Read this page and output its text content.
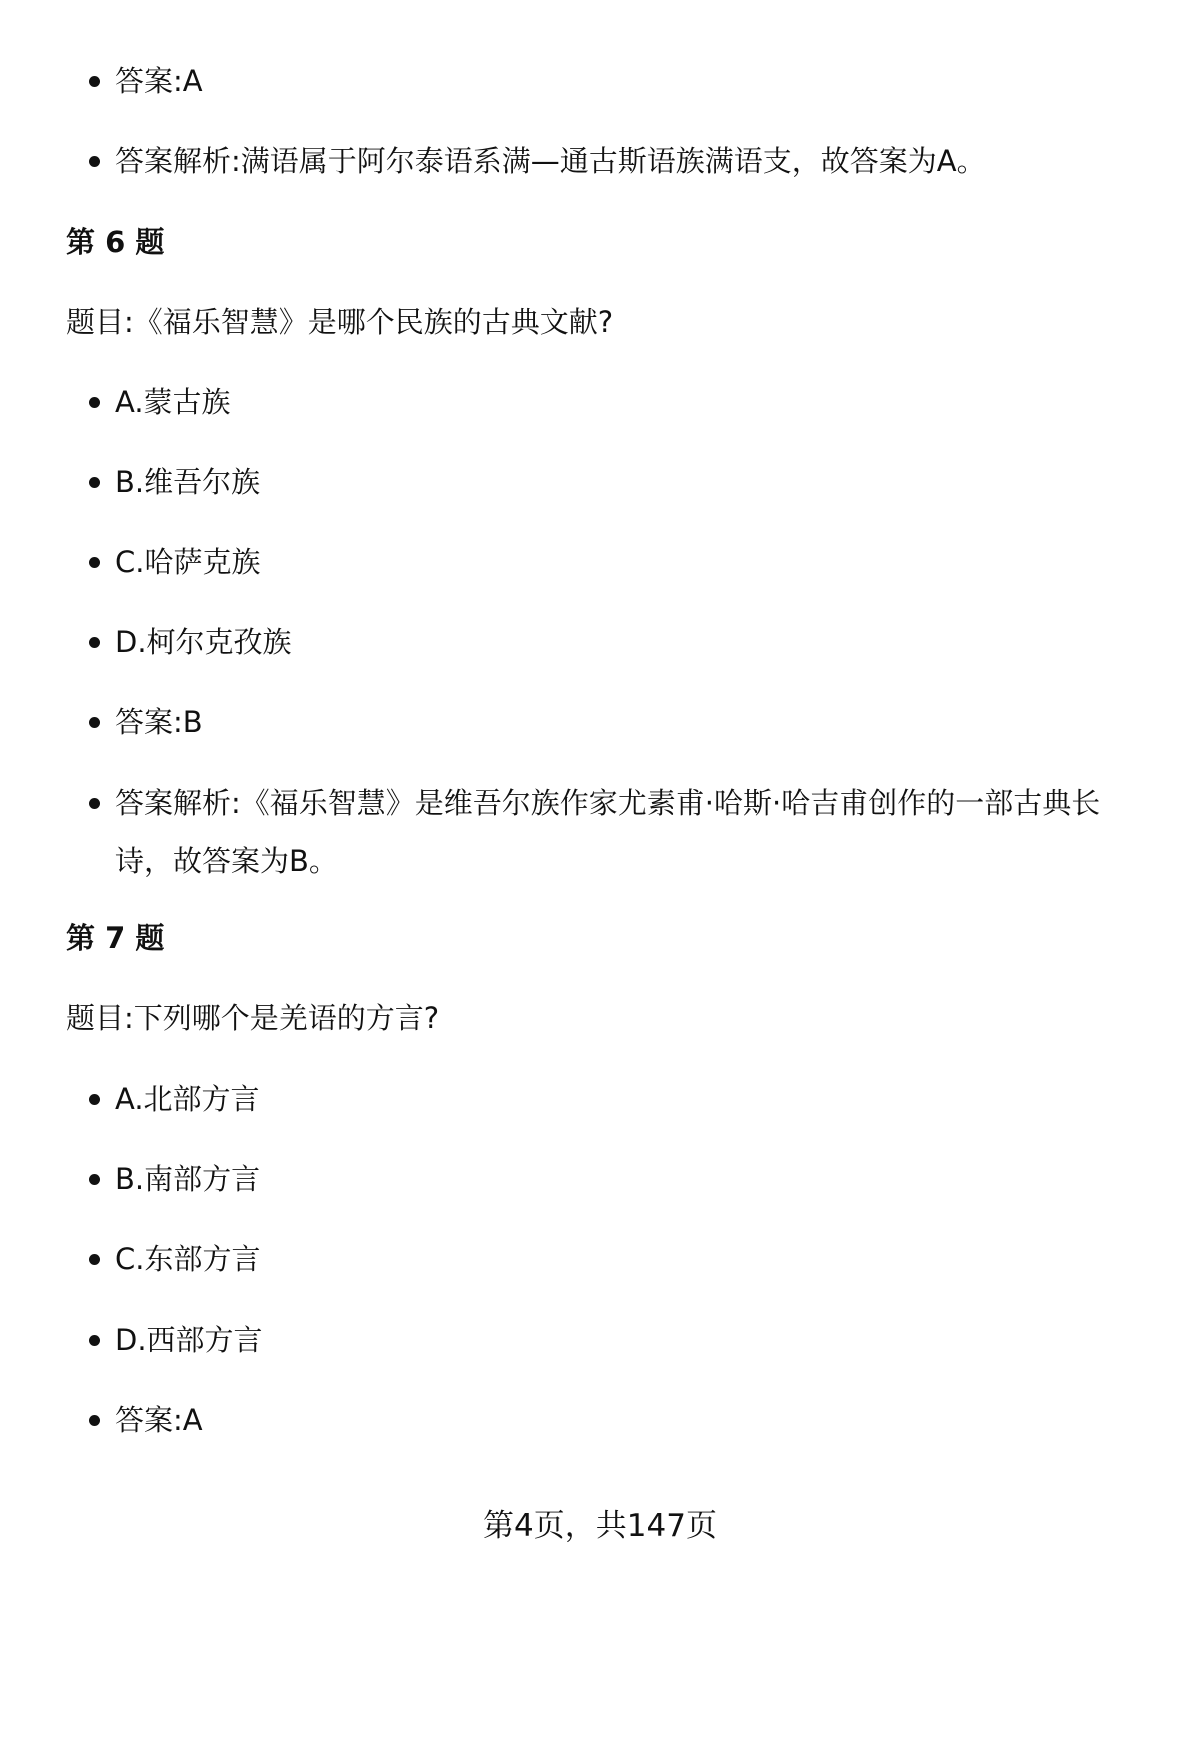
答案:A
答案解析:满语属于阿尔泰语系满—通古斯语族满语支，故答案为A。
第 6 题
题目:《福乐智慧》是哪个民族的古典文献?
A.蒙古族
B.维吾尔族
C.哈萨克族
D.柯尔克孜族
答案:B
答案解析:《福乐智慧》是维吾尔族作家尤素甫·哈斯·哈吉甫创作的一部古典长诗，故答案为B。
第 7 题
题目:下列哪个是羌语的方言?
A.北部方言
B.南部方言
C.东部方言
D.西部方言
答案:A
第4页，共147页
